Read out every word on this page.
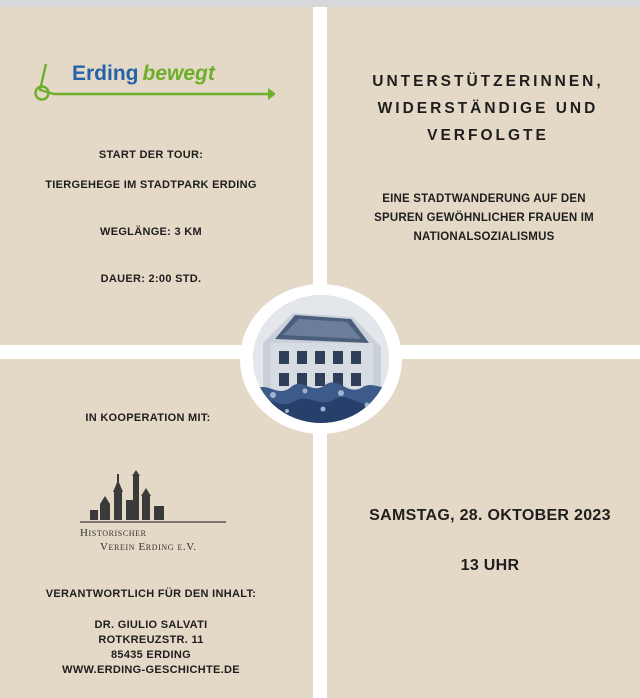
Erding bewegt
START DER TOUR:
TIERGEHEGE IM STADTPARK ERDING
WEGLÄNGE: 3 KM
DAUER: 2:00 STD.
UNTERSTÜTZERINNEN,
WIDERSTÄNDIGE UND
VERFOLGTE
EINE STADTWANDERUNG AUF DEN
SPUREN GEWÖHNLICHER FRAUEN IM
NATIONALSOZIALISMUS
IN KOOPERATION MIT:
Historischer
Verein Erding e.V.
VERANTWORTLICH FÜR DEN INHALT:
DR. GIULIO SALVATI
ROTKREUZSTR. 11
85435 ERDING
WWW.ERDING-GESCHICHTE.DE
SAMSTAG, 28. OKTOBER 2023
13 UHR
